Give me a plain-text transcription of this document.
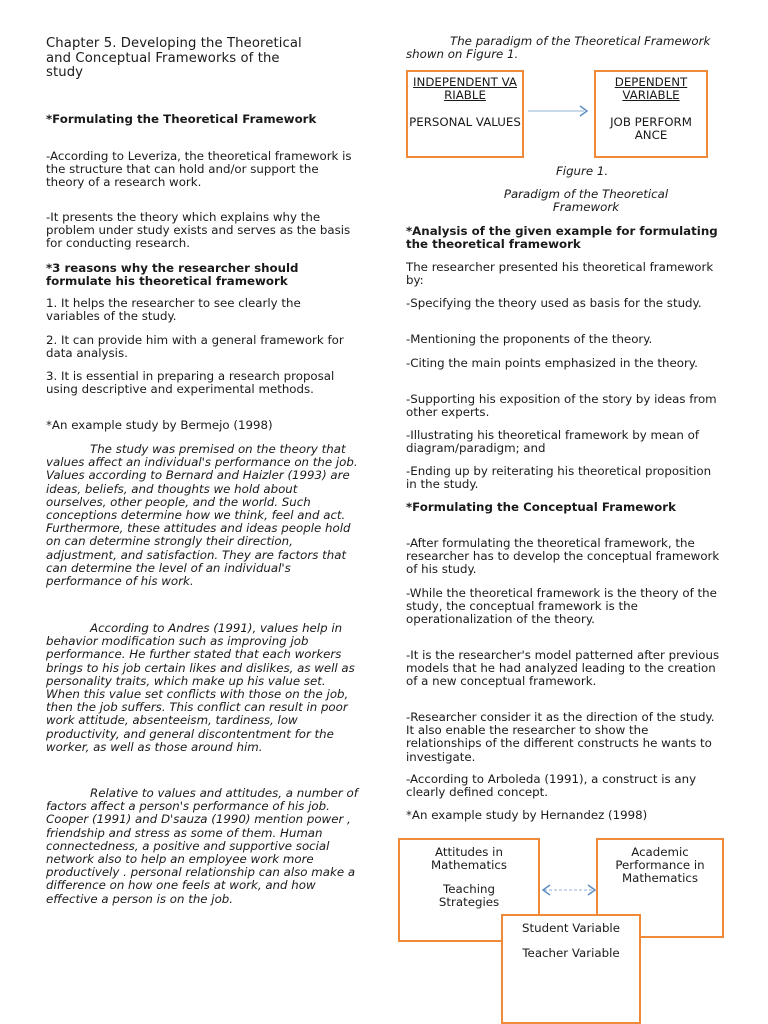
Chapter 5. Developing the Theoretical and Conceptual Frameworks of the study

*Formulating the Theoretical Framework

-According to Leveriza, the theoretical framework is the structure that can hold and/or support the theory of a research work.

-It presents the theory which explains why the problem under study exists and serves as the basis for conducting research.

*3 reasons why the researcher should formulate his theoretical framework

1. It helps the researcher to see clearly the variables of the study.

2. It can provide him with a general framework for data analysis.

3. It is essential in preparing a research proposal using descriptive and experimental methods.

*An example study by Bermejo (1998)

The study was premised on the theory that values affect an individual's performance on the job. Values according to Bernard and Haizler (1993) are ideas, beliefs, and thoughts we hold about ourselves, other people, and the world. Such conceptions determine how we think, feel and act. Furthermore, these attitudes and ideas people hold on can determine strongly their direction, adjustment, and satisfaction. They are factors that can determine the level of an individual's performance of his work.

According to Andres (1991), values help in behavior modification such as improving job performance. He further stated that each workers brings to his job certain likes and dislikes, as well as personality traits, which make up his value set. When this value set conflicts with those on the job, then the job suffers. This conflict can result in poor work attitude, absenteeism, tardiness, low productivity, and general discontentment for the worker, as well as those around him.

Relative to values and attitudes, a number of factors affect a person's performance of his job. Cooper (1991) and D'sauza (1990) mention power , friendship and stress as some of them. Human connectedness, a positive and supportive social network also to help an employee work more productively . personal relationship can also make a difference on how one feels at work, and how effective a person is on the job.

The paradigm of the Theoretical Framework shown on Figure 1.

INDEPENDENT VARIABLE
PERSONAL VALUES
DEPENDENT VARIABLE
JOB PERFORMANCE

Figure 1.

Paradigm of the Theoretical Framework

*Analysis of the given example for formulating the theoretical framework

The researcher presented his theoretical framework by:

-Specifying the theory used as basis for the study.

-Mentioning the proponents of the theory.

-Citing the main points emphasized in the theory.

-Supporting his exposition of the story by ideas from other experts.

-Illustrating his theoretical framework by mean of diagram/paradigm; and

-Ending up by reiterating his theoretical proposition in the study.

*Formulating the Conceptual Framework

-After formulating the theoretical framework, the researcher has to develop the conceptual framework of his study.

-While the theoretical framework is the theory of the study, the conceptual framework is the operationalization of the theory.

-It is the researcher's model patterned after previous models that he had analyzed leading to the creation of a new conceptual framework.

-Researcher consider it as the direction of the study. It also enable the researcher to show the relationships of the different constructs he wants to investigate.

-According to Arboleda (1991), a construct is any clearly defined concept.

*An example study by Hernandez (1998)

Attitudes in Mathematics
Teaching Strategies
Academic Performance in Mathematics
Student Variable
Teacher Variable
